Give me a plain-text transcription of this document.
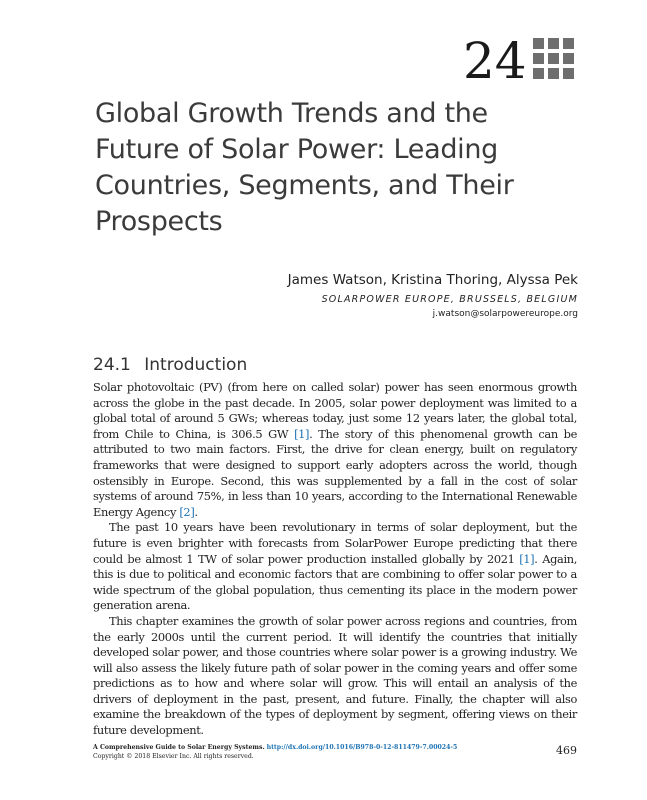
24
Global Growth Trends and the Future of Solar Power: Leading Countries, Segments, and Their Prospects
James Watson, Kristina Thoring, Alyssa Pek
SOLARPOWER EUROPE, BRUSSELS, BELGIUM
j.watson@solarpowereurope.org
24.1 Introduction

Solar photovoltaic (PV) (from here on called solar) power has seen enormous growth across the globe in the past decade. In 2005, solar power deployment was limited to a global total of around 5 GWs; whereas today, just some 12 years later, the global total, from Chile to China, is 306.5 GW [1]. The story of this phenomenal growth can be attributed to two main factors. First, the drive for clean energy, built on regulatory frameworks that were designed to support early adopters across the world, though ostensibly in Europe. Second, this was supplemented by a fall in the cost of solar systems of around 75%, in less than 10 years, according to the International Renewable Energy Agency [2].

The past 10 years have been revolutionary in terms of solar deployment, but the future is even brighter with forecasts from SolarPower Europe predicting that there could be almost 1 TW of solar power production installed globally by 2021 [1]. Again, this is due to political and economic factors that are combining to offer solar power to a wide spectrum of the global population, thus cementing its place in the modern power generation arena.

This chapter examines the growth of solar power across regions and countries, from the early 2000s until the current period. It will identify the countries that initially developed solar power, and those countries where solar power is a growing industry. We will also assess the likely future path of solar power in the coming years and offer some predictions as to how and where solar will grow. This will entail an analysis of the drivers of deployment in the past, present, and future. Finally, the chapter will also examine the breakdown of the types of deployment by segment, offering views on their future development.

A Comprehensive Guide to Solar Energy Systems. http://dx.doi.org/10.1016/B978-0-12-811479-7.00024-5
Copyright © 2018 Elsevier Inc. All rights reserved.	469
